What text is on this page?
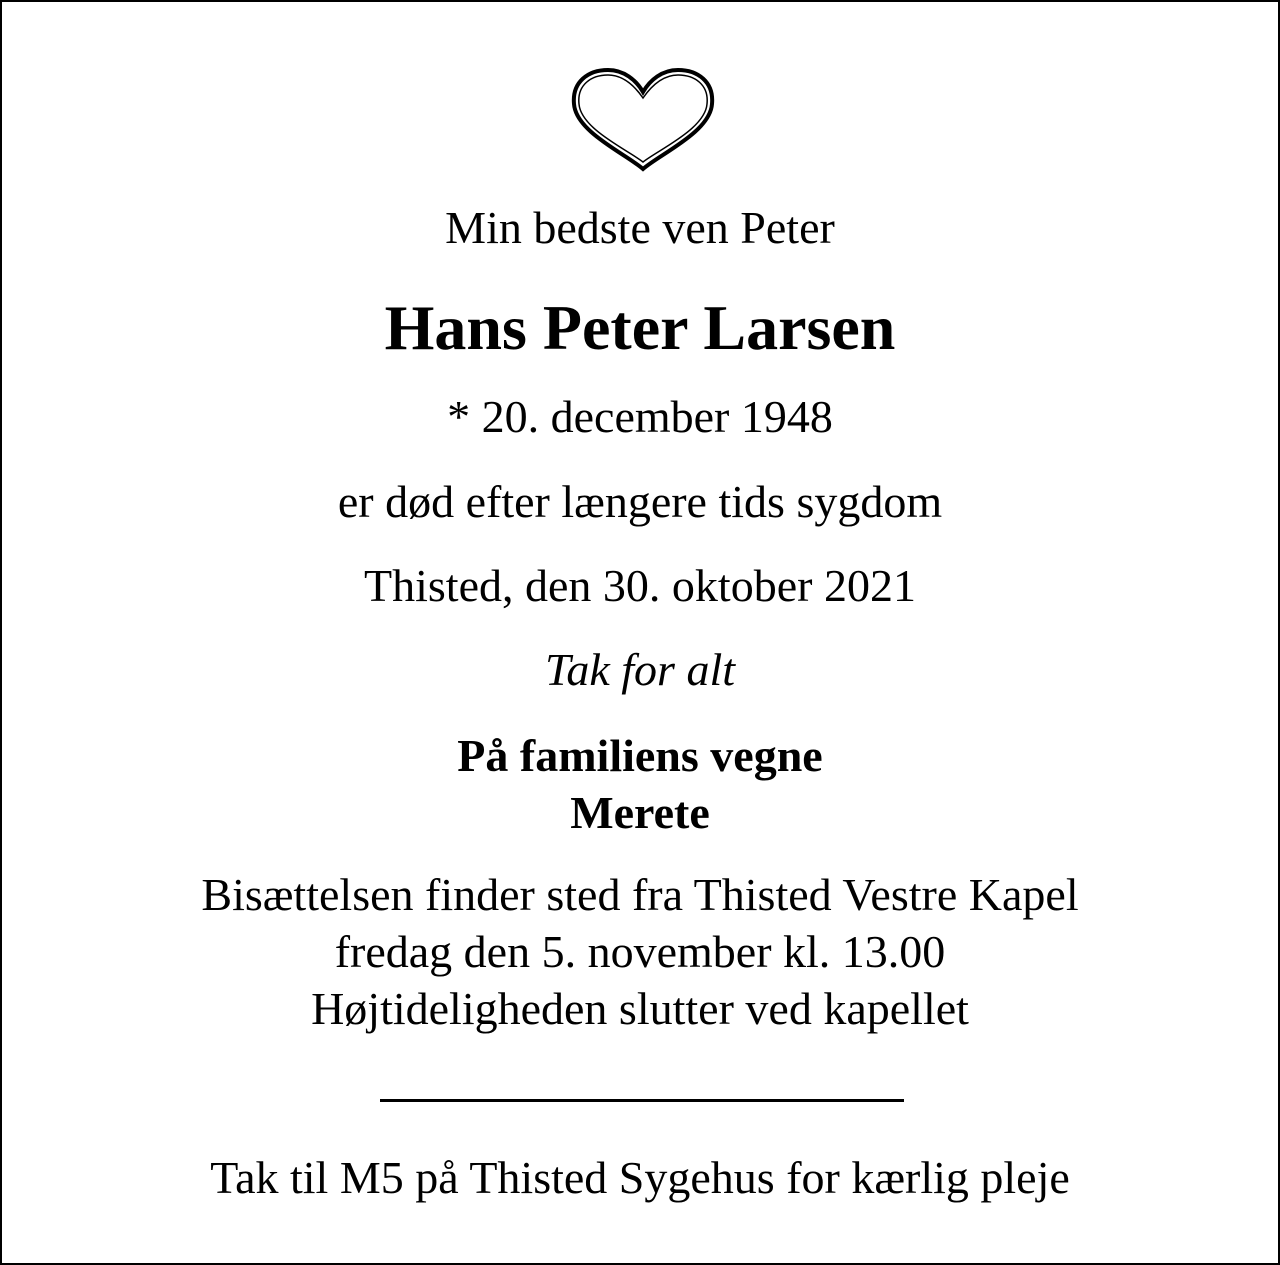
Min bedste ven Peter

Hans Peter Larsen

* 20. december 1948

er død efter længere tids sygdom

Thisted, den 30. oktober 2021

Tak for alt

På familiens vegne

Merete

Bisættelsen finder sted fra Thisted Vestre Kapel

fredag den 5. november kl. 13.00

Højtideligheden slutter ved kapellet

Tak til M5 på Thisted Sygehus for kærlig pleje
